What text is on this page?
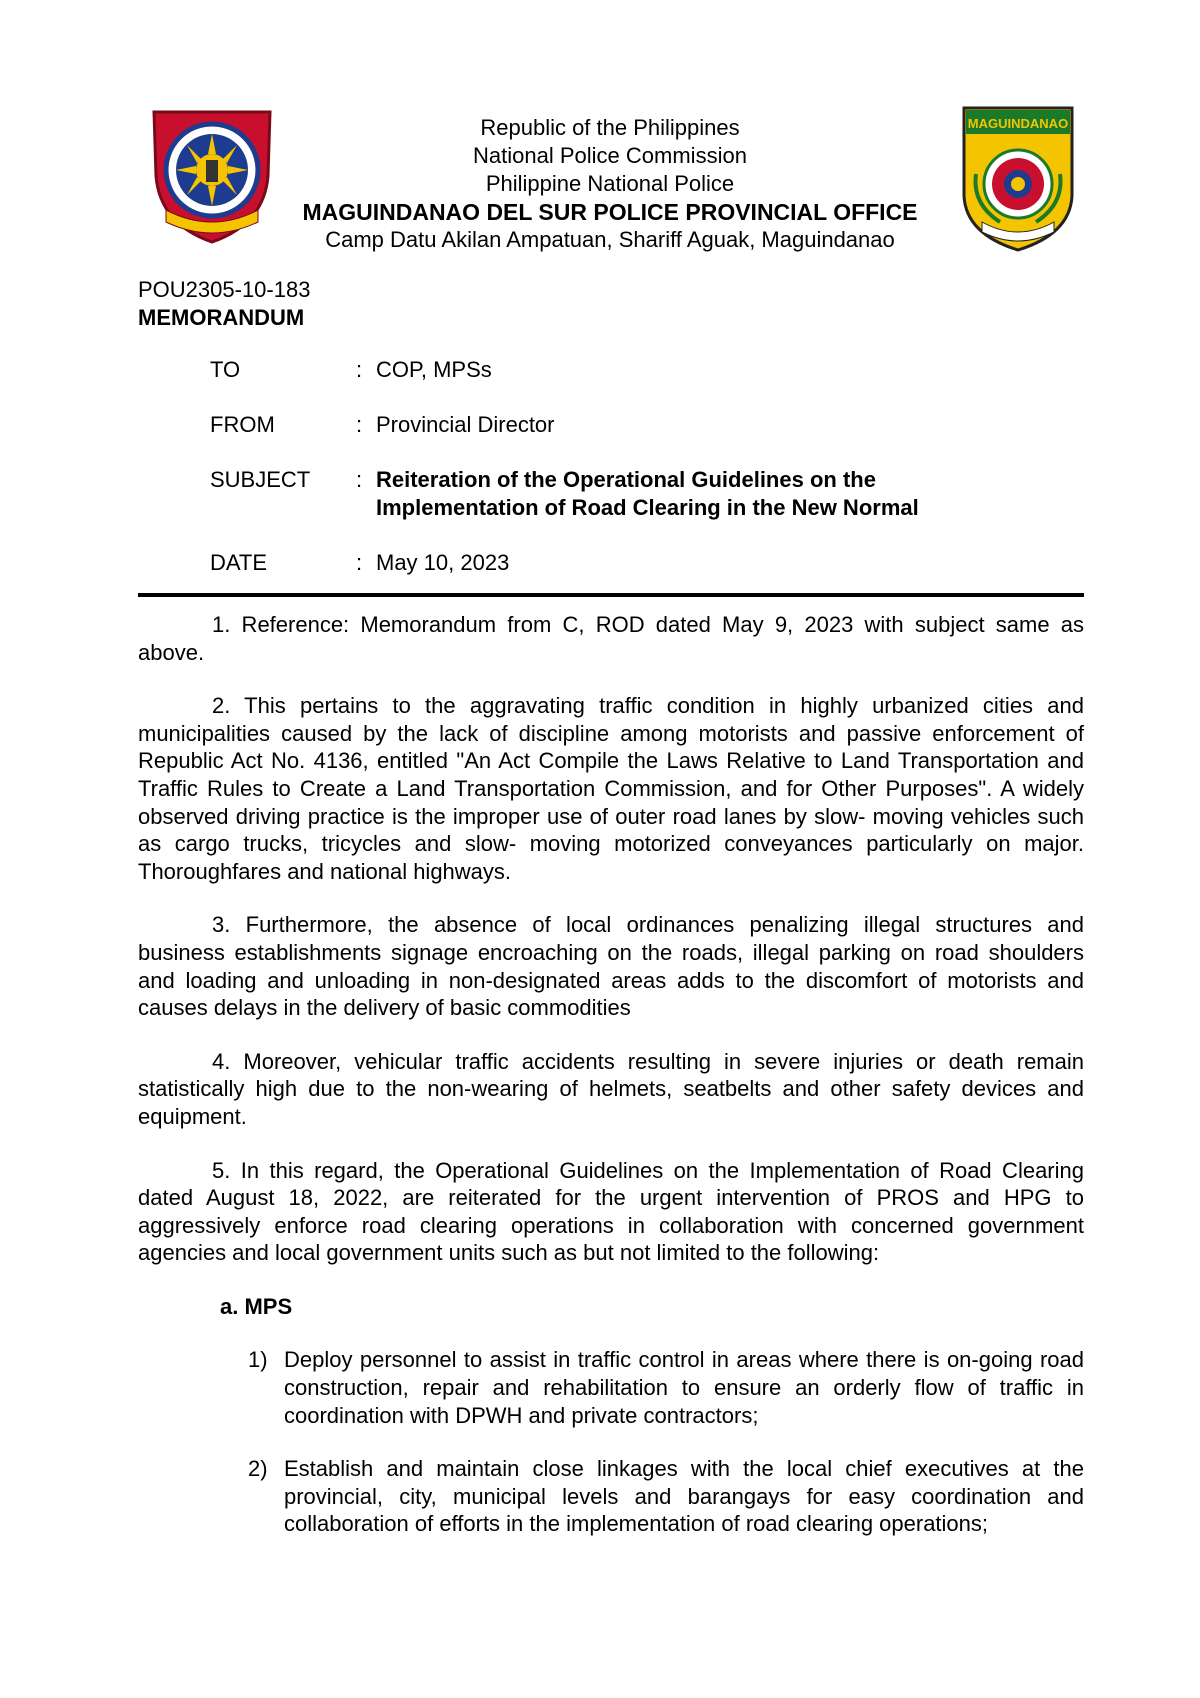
Republic of the Philippines
National Police Commission
Philippine National Police
MAGUINDANAO DEL SUR POLICE PROVINCIAL OFFICE
Camp Datu Akilan Ampatuan, Shariff Aguak, Maguindanao
MAGUINDANAO
POU2305-10-183
MEMORANDUM
TO	: COP, MPSs
FROM	: Provincial Director
SUBJECT	: Reiteration of the Operational Guidelines on the Implementation of Road Clearing in the New Normal
DATE	: May 10, 2023

1. Reference: Memorandum from C, ROD dated May 9, 2023 with subject same as above.

2. This pertains to the aggravating traffic condition in highly urbanized cities and municipalities caused by the lack of discipline among motorists and passive enforcement of Republic Act No. 4136, entitled "An Act Compile the Laws Relative to Land Transportation and Traffic Rules to Create a Land Transportation Commission, and for Other Purposes". A widely observed driving practice is the improper use of outer road lanes by slow- moving vehicles such as cargo trucks, tricycles and slow- moving motorized conveyances particularly on major. Thoroughfares and national highways.

3. Furthermore, the absence of local ordinances penalizing illegal structures and business establishments signage encroaching on the roads, illegal parking on road shoulders and loading and unloading in non-designated areas adds to the discomfort of motorists and causes delays in the delivery of basic commodities

4. Moreover, vehicular traffic accidents resulting in severe injuries or death remain statistically high due to the non-wearing of helmets, seatbelts and other safety devices and equipment.

5. In this regard, the Operational Guidelines on the Implementation of Road Clearing dated August 18, 2022, are reiterated for the urgent intervention of PROS and HPG to aggressively enforce road clearing operations in collaboration with concerned government agencies and local government units such as but not limited to the following:

a. MPS
1) Deploy personnel to assist in traffic control in areas where there is on-going road construction, repair and rehabilitation to ensure an orderly flow of traffic in coordination with DPWH and private contractors;
2) Establish and maintain close linkages with the local chief executives at the provincial, city, municipal levels and barangays for easy coordination and collaboration of efforts in the implementation of road clearing operations;
